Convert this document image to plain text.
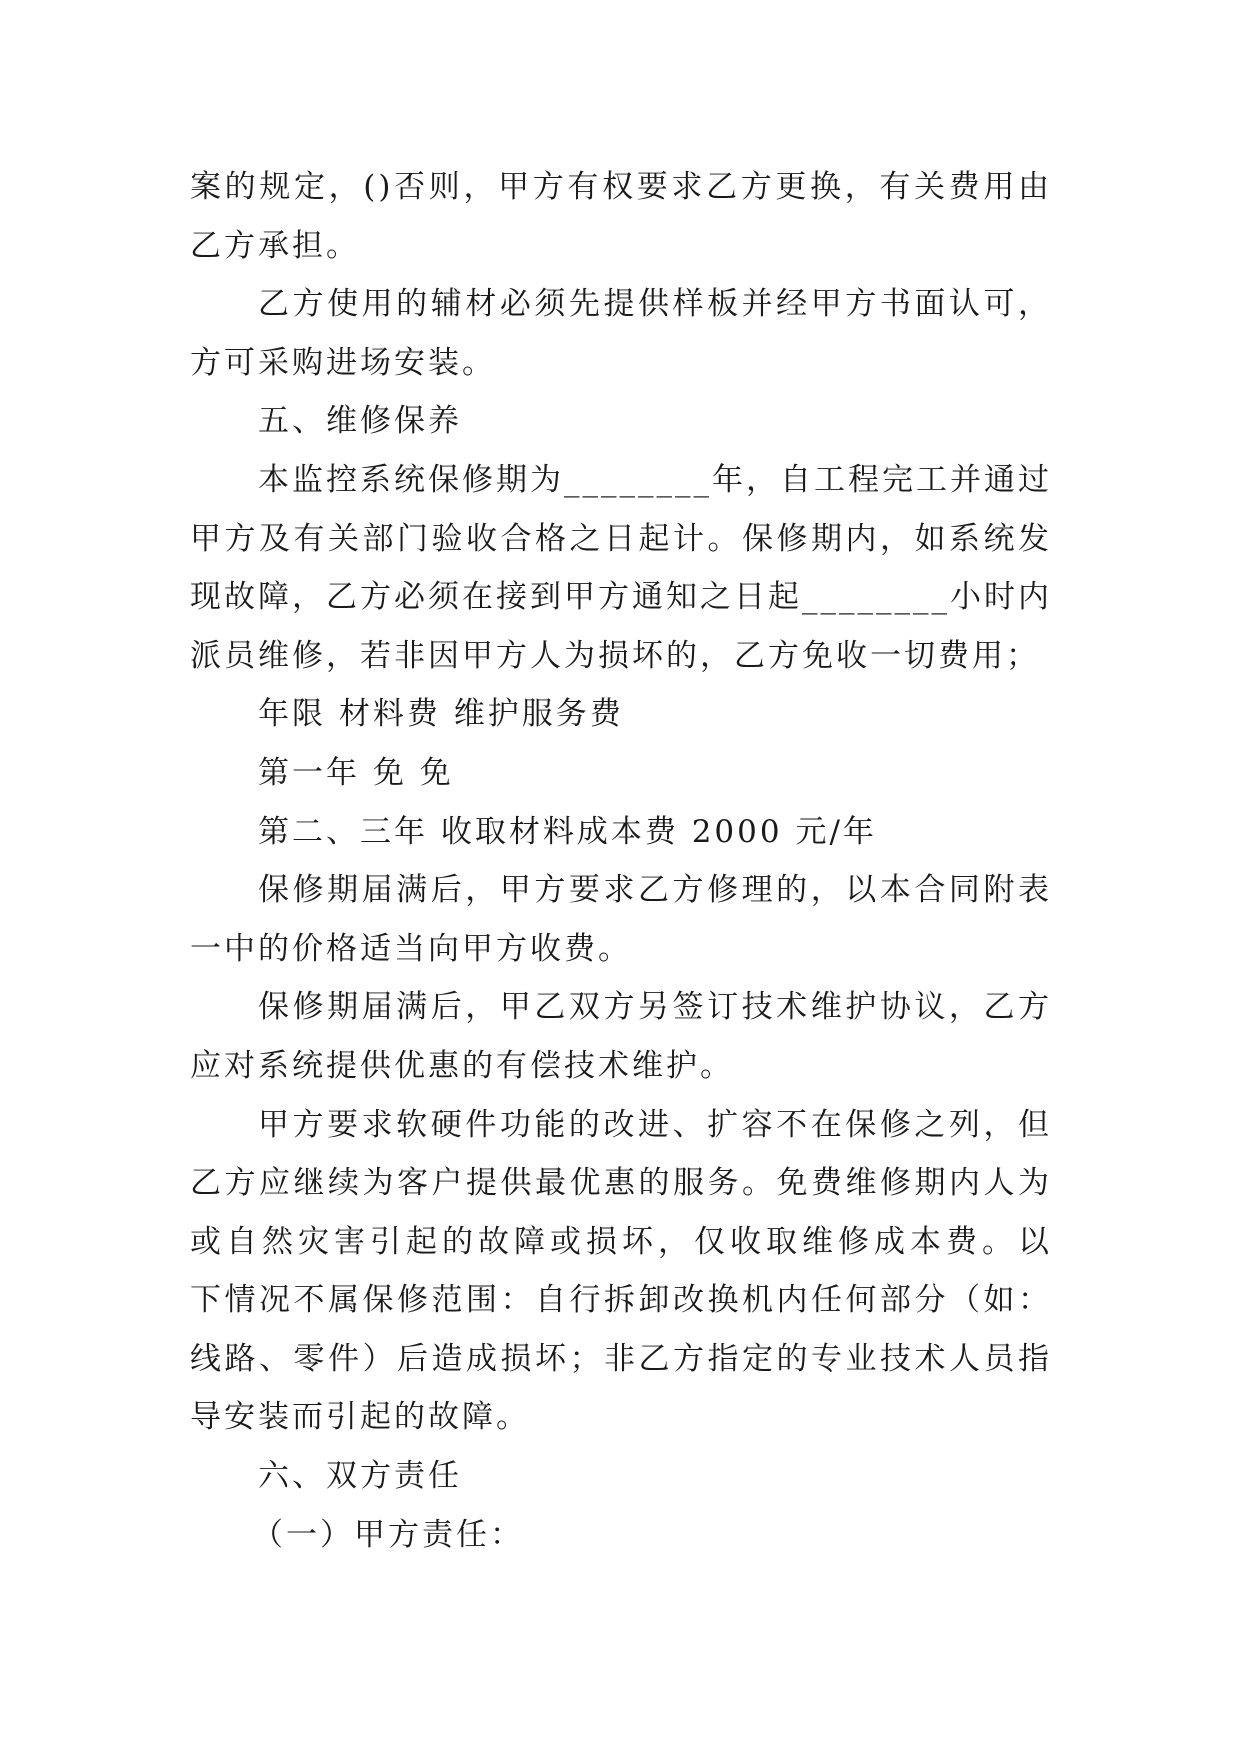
案的规定，()否则，甲方有权要求乙方更换，有关费用由乙方承担。

乙方使用的辅材必须先提供样板并经甲方书面认可，方可采购进场安装。

五、维修保养

本监控系统保修期为________年，自工程完工并通过甲方及有关部门验收合格之日起计。保修期内，如系统发现故障，乙方必须在接到甲方通知之日起________小时内派员维修，若非因甲方人为损坏的，乙方免收一切费用；

年限 材料费 维护服务费

第一年 免 免

第二、三年 收取材料成本费 2000 元/年

保修期届满后，甲方要求乙方修理的，以本合同附表一中的价格适当向甲方收费。

保修期届满后，甲乙双方另签订技术维护协议，乙方应对系统提供优惠的有偿技术维护。

甲方要求软硬件功能的改进、扩容不在保修之列，但乙方应继续为客户提供最优惠的服务。免费维修期内人为或自然灾害引起的故障或损坏，仅收取维修成本费。以 下情况不属保修范围：自行拆卸改换机内任何部分（如：线路、零件）后造成损坏；非乙方指定的专业技术人员指导安装而引起的故障。

六、双方责任

（一）甲方责任：
